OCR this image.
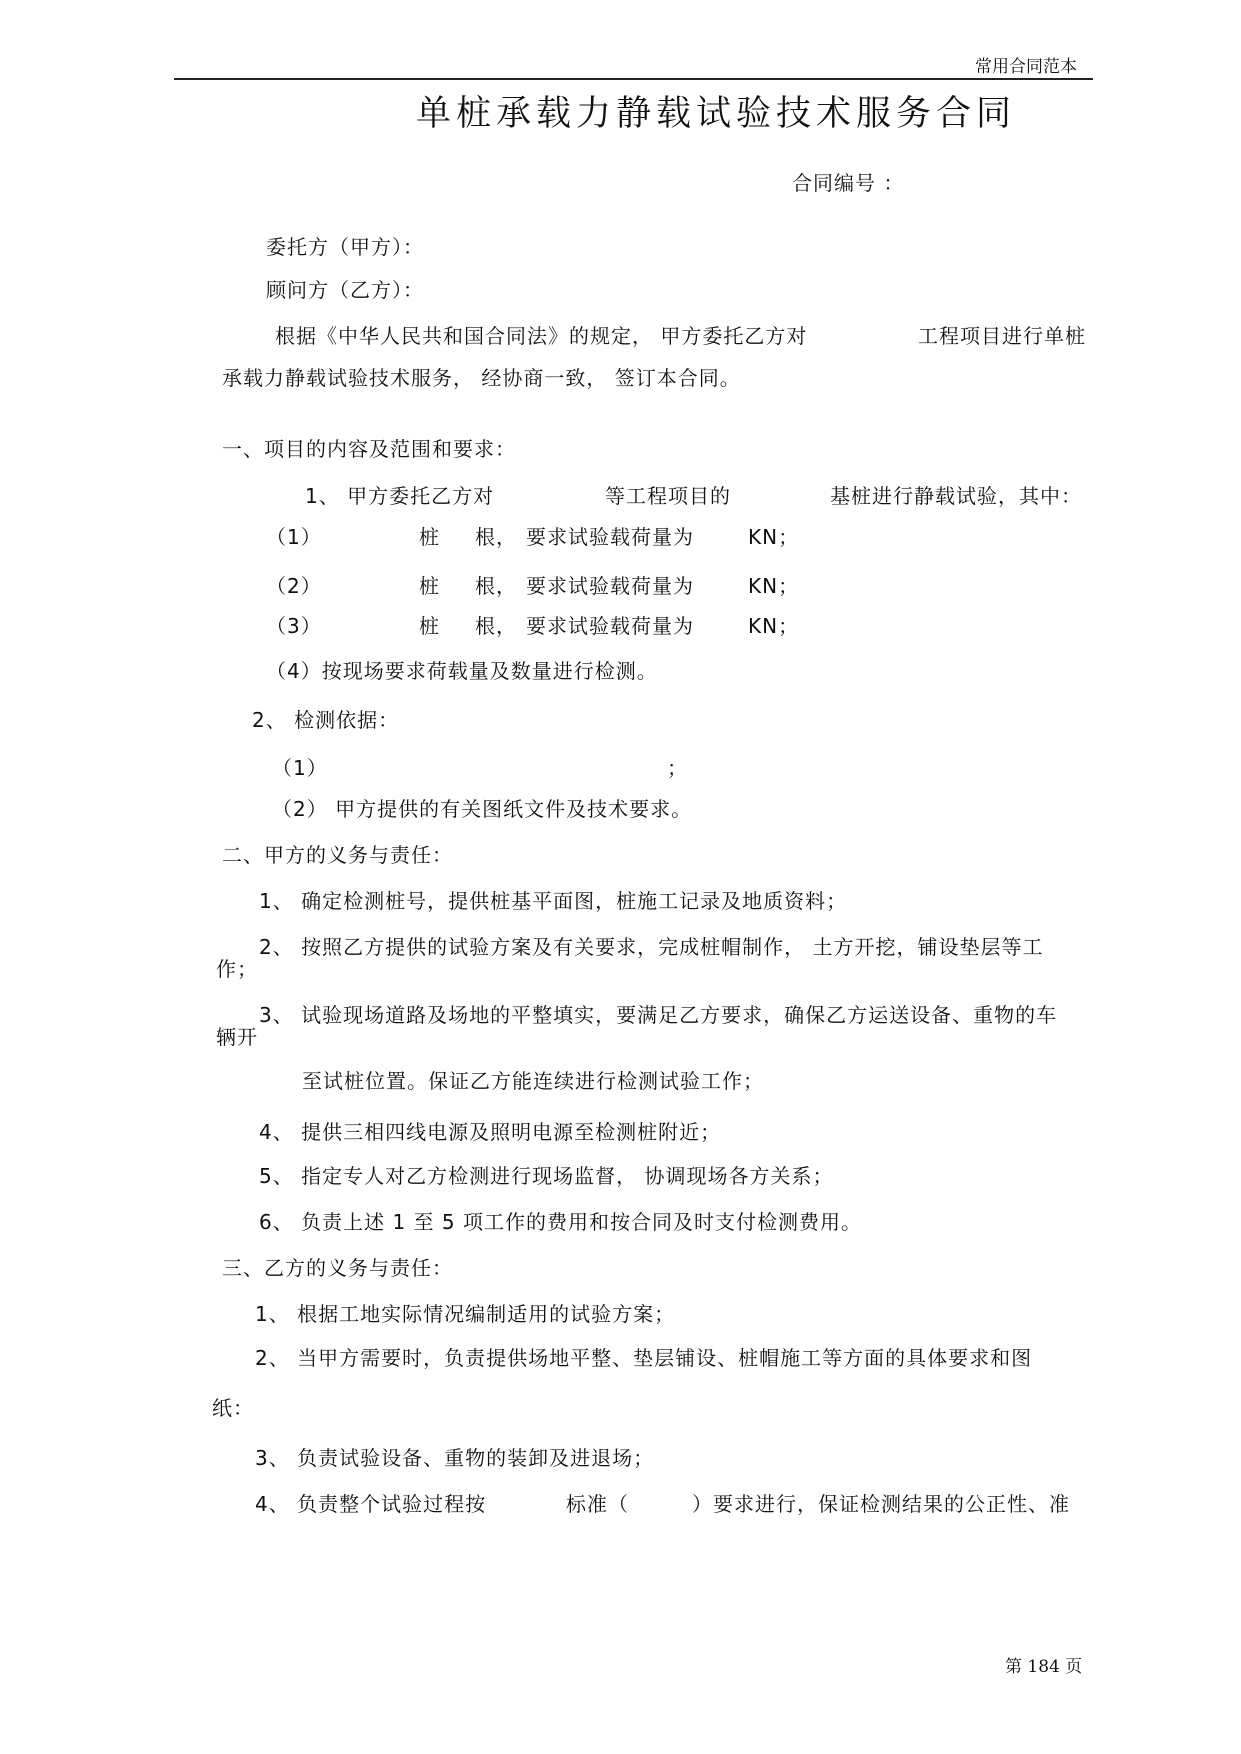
常用合同范本
单桩承载力静载试验技术服务合同
合同编号 ：
委托方（甲方）：
顾问方（乙方）：
根据《中华人民共和国合同法》的规定， 甲方委托乙方对	工程项目进行单桩
承载力静载试验技术服务， 经协商一致， 签订本合同。
一、项目的内容及范围和要求：
1、 甲方委托乙方对	等工程项目的	基桩进行静载试验，其中：
（1）	桩 根， 要求试验载荷量为	KN；
（2）	桩 根， 要求试验载荷量为	KN；
（3）	桩 根， 要求试验载荷量为	KN；
（4）按现场要求荷载量及数量进行检测。
2、 检测依据：
（1）	；
（2） 甲方提供的有关图纸文件及技术要求。
二、甲方的义务与责任：
1、 确定检测桩号，提供桩基平面图，桩施工记录及地质资料；
2、 按照乙方提供的试验方案及有关要求，完成桩帽制作， 土方开挖，铺设垫层等工
作；
3、 试验现场道路及场地的平整填实，要满足乙方要求，确保乙方运送设备、重物的车
辆开
至试桩位置。保证乙方能连续进行检测试验工作；
4、 提供三相四线电源及照明电源至检测桩附近；
5、 指定专人对乙方检测进行现场监督， 协调现场各方关系；
6、 负责上述 1 至 5 项工作的费用和按合同及时支付检测费用。
三、乙方的义务与责任：
1、 根据工地实际情况编制适用的试验方案；
2、 当甲方需要时，负责提供场地平整、垫层铺设、桩帽施工等方面的具体要求和图
纸：
3、 负责试验设备、重物的装卸及进退场；
4、 负责整个试验过程按	标准（	）要求进行，保证检测结果的公正性、准
第 184 页
